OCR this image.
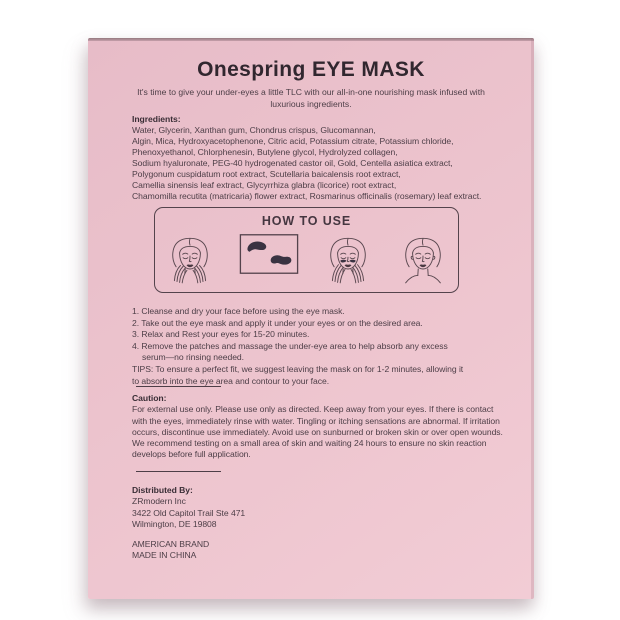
Onespring EYE MASK
It's time to give your under-eyes a little TLC with our all-in-one nourishing mask infused with luxurious ingredients.
Ingredients:
Water, Glycerin, Xanthan gum, Chondrus crispus, Glucomannan,
Algin, Mica, Hydroxyacetophenone, Citric acid, Potassium citrate, Potassium chloride,
Phenoxyethanol, Chlorphenesin, Butylene glycol, Hydrolyzed collagen,
Sodium hyaluronate, PEG-40 hydrogenated castor oil, Gold, Centella asiatica extract,
Polygonum cuspidatum root extract, Scutellaria baicalensis root extract,
Camellia sinensis leaf extract, Glycyrrhiza glabra (licorice) root extract,
Chamomilla recutita (matricaria) flower extract, Rosmarinus officinalis (rosemary) leaf extract.
HOW TO USE
1. Cleanse and dry your face before using the eye mask.
2. Take out the eye mask and apply it under your eyes or on the desired area.
3. Relax and Rest your eyes for 15-20 minutes.
4. Remove the patches and massage the under-eye area to help absorb any excess serum—no rinsing needed.
TIPS: To ensure a perfect fit, we suggest leaving the mask on for 1-2 minutes, allowing it to absorb into the eye area and contour to your face.
Caution:
For external use only. Please use only as directed. Keep away from your eyes. If there is contact with the eyes, immediately rinse with water. Tingling or itching sensations are abnormal. If irritation occurs, discontinue use immediately. Avoid use on sunburned or broken skin or over open wounds.
We recommend testing on a small area of skin and waiting 24 hours to ensure no skin reaction develops before full application.
Distributed By:
ZRmodern Inc
3422 Old Capitol Trail Ste 471
Wilmington, DE 19808
AMERICAN BRAND
MADE IN CHINA
